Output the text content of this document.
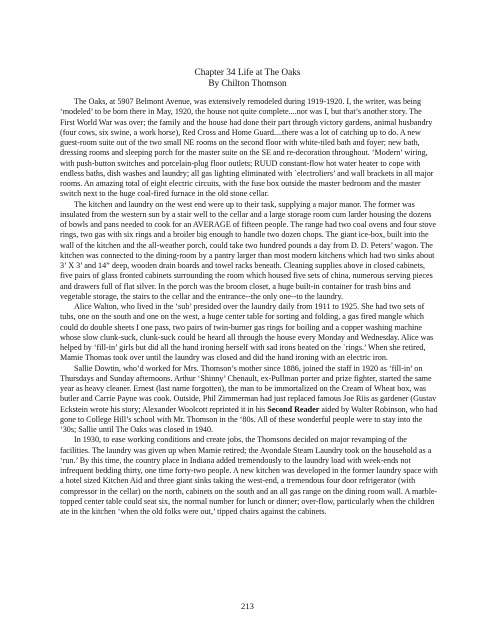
Chapter 34 Life at The Oaks
By Chilton Thomson

The Oaks, at 5907 Belmont Avenue, was extensively remodeled during 1919-1920. I, the writer, was being ‘modeled’ to be born there in May, 1920, the house not quite complete....nor was I, but that’s another story. The First World War was over; the family and the house had done their part through victory gardens, animal husbandry (four cows, six swine, a work horse), Red Cross and Home Guard....there was a lot of catching up to do. A new guest-room suite out of the two small NE rooms on the second floor with white-tiled bath and foyer; new bath, dressing rooms and sleeping porch for the master suite on the SE and re-decoration throughout. ‘Modern’ wiring, with push-button switches and porcelain-plug floor outlets; RUUD constant-flow hot water heater to cope with endless baths, dish washes and laundry; all gas lighting eliminated with `electroliers’ and wall brackets in all major rooms. An amazing total of eight electric circuits, with the fuse box outside the master bedroom and the master switch next to the huge coal-fired furnace in the old stone cellar.

The kitchen and laundry on the west end were up to their task, supplying a major manor. The former was insulated from the western sun by a stair well to the cellar and a large storage room cum larder housing the dozens of bowls and pans needed to cook for an AVERAGE of fifteen people. The range had two coal ovens and four stove rings, two gas with six rings and a broiler big enough to handle two dozen chops. The giant ice-box, built into the wall of the kitchen and the all-weather porch, could take two hundred pounds a day from D. D. Peters’ wagon. The kitchen was connected to the dining-room by a pantry larger than most modern kitchens which had two sinks about 3’ X 3’ and 14” deep, wooden drain boards and towel racks beneath. Cleaning supplies above in closed cabinets, five pairs of glass fronted cabinets surrounding the room which housed five sets of china, numerous serving pieces and drawers full of flat silver. In the porch was the broom closet, a huge built-in container for trash bins and vegetable storage, the stairs to the cellar and the entrance--the only one--to the laundry.

Alice Walton, who lived in the ‘sub’ presided over the laundry daily from 1911 to 1925. She had two sets of tubs, one on the south and one on the west, a huge center table for sorting and folding, a gas fired mangle which could do double sheets I one pass, two pairs of twin-burner gas rings for boiling and a copper washing machine whose slow clunk-suck, clunk-suck could be heard all through the house every Monday and Wednesday. Alice was helped by ‘fill-in’ girls but did all the hand ironing herself with sad irons heated on the `rings.’ When she retired, Mamie Thomas took over until the laundry was closed and did the hand ironing with an electric iron.

Sallie Dowtin, who’d worked for Mrs. Thomson’s mother since 1886, joined the staff in 1920 as ‘fill-in’ on Thursdays and Sunday afternoons. Arthur ‘Shinny’ Chenault, ex-Pullman porter and prize fighter, started the same year as heavy cleaner. Ernest (last name forgotten), the man to be immortalized on the Cream of Wheat box, was butler and Carrie Payne was cook. Outside, Phil Zimmerman had just replaced famous Joe Riis as gardener (Gustav Eckstein wrote his story; Alexander Woolcott reprinted it in his Second Reader aided by Walter Robinson, who had gone to College Hill’s school with Mr. Thomson in the ‘80s. All of these wonderful people were to stay into the ‘30s; Sallie until The Oaks was closed in 1940.

In 1930, to ease working conditions and create jobs, the Thomsons decided on major revamping of the facilities. The laundry was given up when Mamie retired; the Avondale Steam Laundry took on the household as a ‘run.’ By this time, the country place in Indiana added tremendously to the laundry load with week-ends not infrequent bedding thirty, one time forty-two people. A new kitchen was developed in the former laundry space with a hotel sized Kitchen Aid and three giant sinks taking the west-end, a tremendous four door refrigerator (with compressor in the cellar) on the north, cabinets on the south and an all gas range on the dining room wall. A marble-topped center table could seat six, the normal number for lunch or dinner; over-flow, particularly when the children ate in the kitchen ‘when the old folks were out,’ tipped chairs against the cabinets.

213
